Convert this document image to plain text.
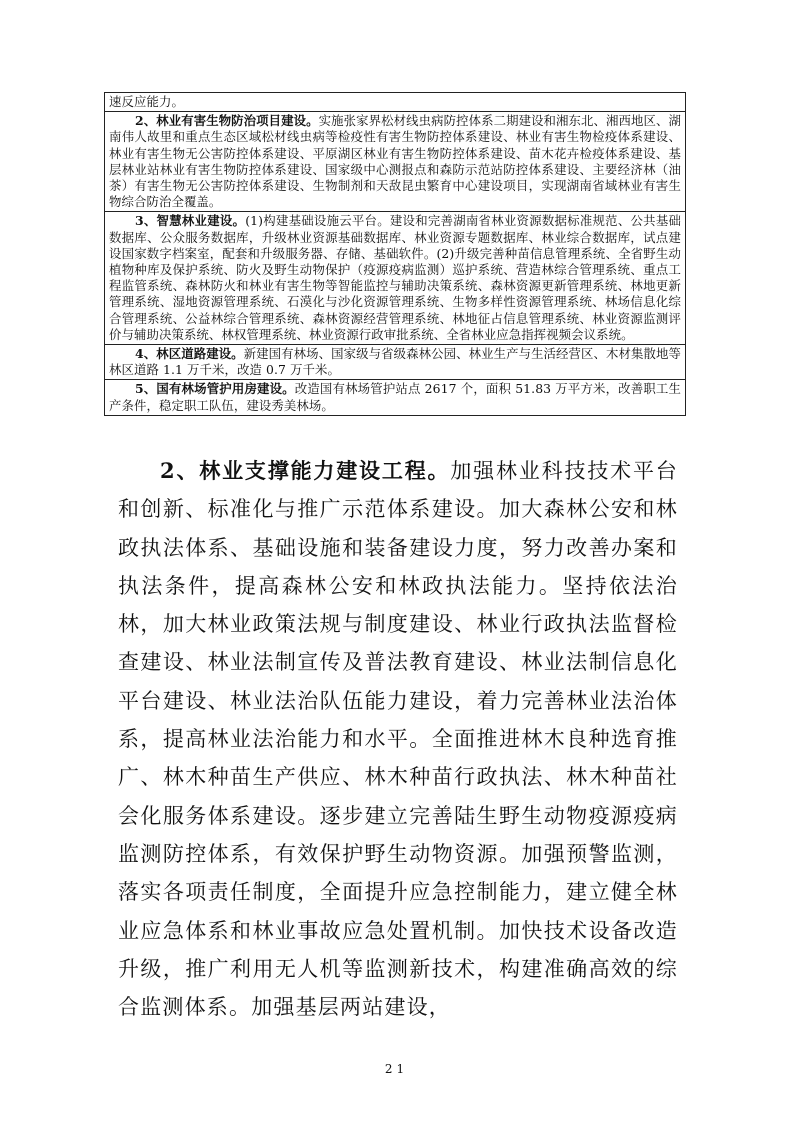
速反应能力。
2、林业有害生物防治项目建设。实施张家界松材线虫病防控体系二期建设和湘东北、湘西地区、湖南伟人故里和重点生态区域松材线虫病等检疫性有害生物防控体系建设、林业有害生物检疫体系建设、林业有害生物无公害防控体系建设、平原湖区林业有害生物防控体系建设、苗木花卉检疫体系建设、基层林业站林业有害生物防控体系建设、国家级中心测报点和森防示范站防控体系建设、主要经济林（油茶）有害生物无公害防控体系建设、生物制剂和天敌昆虫繁育中心建设项目，实现湖南省域林业有害生物综合防治全覆盖。
3、智慧林业建设。(1)构建基础设施云平台。建设和完善湖南省林业资源数据标准规范、公共基础数据库、公众服务数据库，升级林业资源基础数据库、林业资源专题数据库、林业综合数据库，试点建设国家数字档案室，配套和升级服务器、存储、基础软件。(2)升级完善种苗信息管理系统、全省野生动植物种库及保护系统、防火及野生动物保护（疫源疫病监测）巡护系统、营造林综合管理系统、重点工程监管系统、森林防火和林业有害生物等智能监控与辅助决策系统、森林资源更新管理系统、林地更新管理系统、湿地资源管理系统、石漠化与沙化资源管理系统、生物多样性资源管理系统、林场信息化综合管理系统、公益林综合管理系统、森林资源经营管理系统、林地征占信息管理系统、林业资源监测评价与辅助决策系统、林权管理系统、林业资源行政审批系统、全省林业应急指挥视频会议系统。
4、林区道路建设。新建国有林场、国家级与省级森林公园、林业生产与生活经营区、木材集散地等林区道路 1.1 万千米，改造 0.7 万千米。
5、国有林场管护用房建设。改造国有林场管护站点 2617 个，面积 51.83 万平方米，改善职工生产条件，稳定职工队伍，建设秀美林场。
2、林业支撑能力建设工程。加强林业科技技术平台和创新、标准化与推广示范体系建设。加大森林公安和林政执法体系、基础设施和装备建设力度，努力改善办案和执法条件，提高森林公安和林政执法能力。坚持依法治林，加大林业政策法规与制度建设、林业行政执法监督检查建设、林业法制宣传及普法教育建设、林业法制信息化平台建设、林业法治队伍能力建设，着力完善林业法治体系，提高林业法治能力和水平。全面推进林木良种选育推广、林木种苗生产供应、林木种苗行政执法、林木种苗社会化服务体系建设。逐步建立完善陆生野生动物疫源疫病监测防控体系，有效保护野生动物资源。加强预警监测，落实各项责任制度，全面提升应急控制能力，建立健全林业应急体系和林业事故应急处置机制。加快技术设备改造升级，推广利用无人机等监测新技术，构建准确高效的综合监测体系。加强基层两站建设，
21
